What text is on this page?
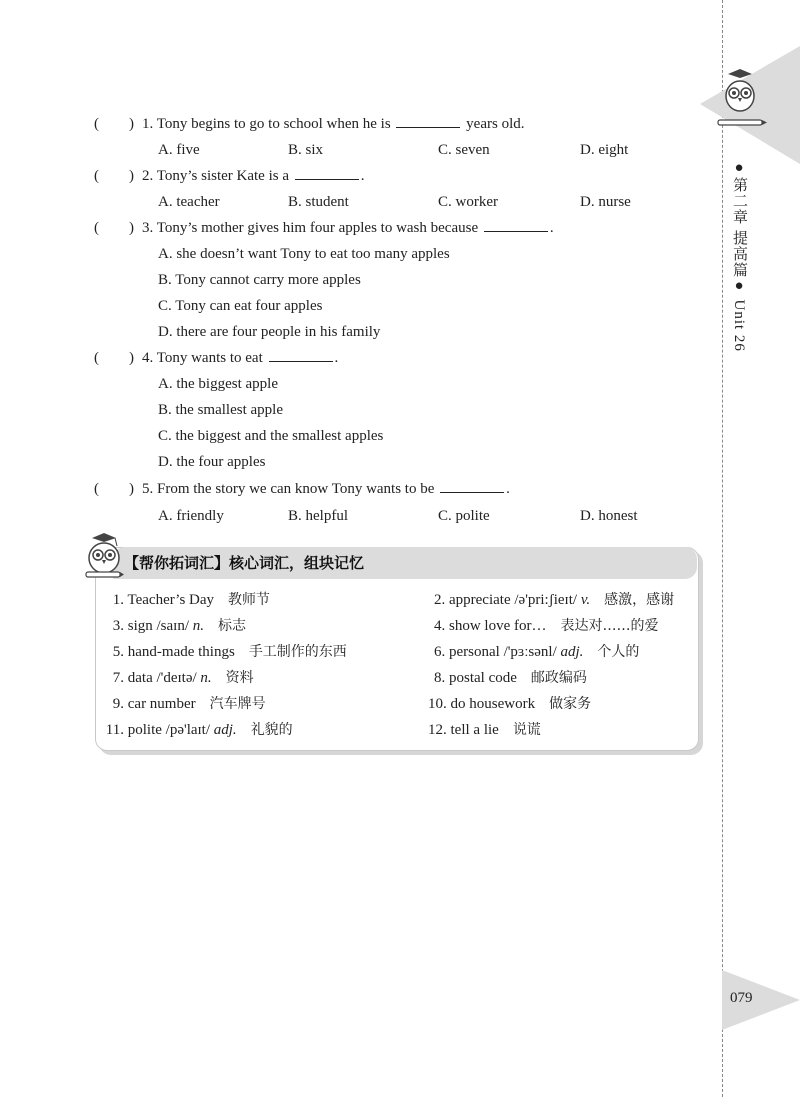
( ) 1. Tony begins to go to school when he is	years old.
A. five	B. six	C. seven	D. eight
( ) 2. Tony’s sister Kate is a	.
A. teacher	B. student	C. worker	D. nurse
( ) 3. Tony’s mother gives him four apples to wash because	.
A. she doesn’t want Tony to eat too many apples
B. Tony cannot carry more apples
C. Tony can eat four apples
D. there are four people in his family
( ) 4. Tony wants to eat	.
A. the biggest apple
B. the smallest apple
C. the biggest and the smallest apples
D. the four apples
( ) 5. From the story we can know Tony wants to be	.
A. friendly	B. helpful	C. polite	D. honest
【帮你拓词汇】核心词汇，组块记忆
1. Teacher’s Day 教师节
3. sign /saɪn/ n. 标志
5. hand-made things 手工制作的东西
7. data /'deɪtə/ n. 资料
9. car number 汽车牌号
11. polite /pə'laɪt/ adj. 礼貌的
2. appreciate /ə'pri:ʃieɪt/ v. 感激，感谢
4. show love for… 表达对……的爱
6. personal /'pɜːsənl/ adj. 个人的
8. postal code 邮政编码
10. do housework 做家务
12. tell a lie 说谎
●第二章 提高篇● Unit 26
079
